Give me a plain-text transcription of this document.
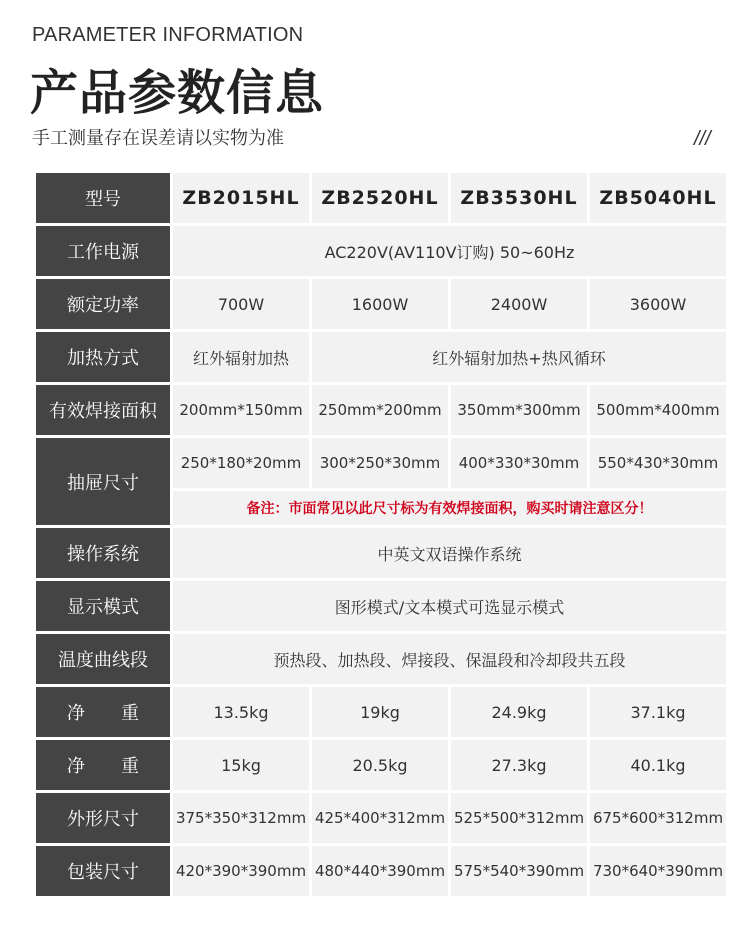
PARAMETER INFORMATION
产品参数信息
手工测量存在误差请以实物为准	///
型号	ZB2015HL	ZB2520HL	ZB3530HL	ZB5040HL
工作电源	AC220V(AV110V订购) 50~60Hz
额定功率	700W	1600W	2400W	3600W
加热方式	红外辐射加热	红外辐射加热+热风循环
有效焊接面积	200mm*150mm	250mm*200mm	350mm*300mm	500mm*400mm
抽屉尺寸
250*180*20mm	300*250*30mm	400*330*30mm	550*430*30mm
备注：市面常见以此尺寸标为有效焊接面积，购买时请注意区分！
操作系统	中英文双语操作系统
显示模式	图形模式/文本模式可选显示模式
温度曲线段	预热段、加热段、焊接段、保温段和冷却段共五段
净　　重	13.5kg	19kg	24.9kg	37.1kg
净　　重	15kg	20.5kg	27.3kg	40.1kg
外形尺寸	375*350*312mm 425*400*312mm 525*500*312mm 675*600*312mm
包装尺寸	420*390*390mm 480*440*390mm 575*540*390mm 730*640*390mm
